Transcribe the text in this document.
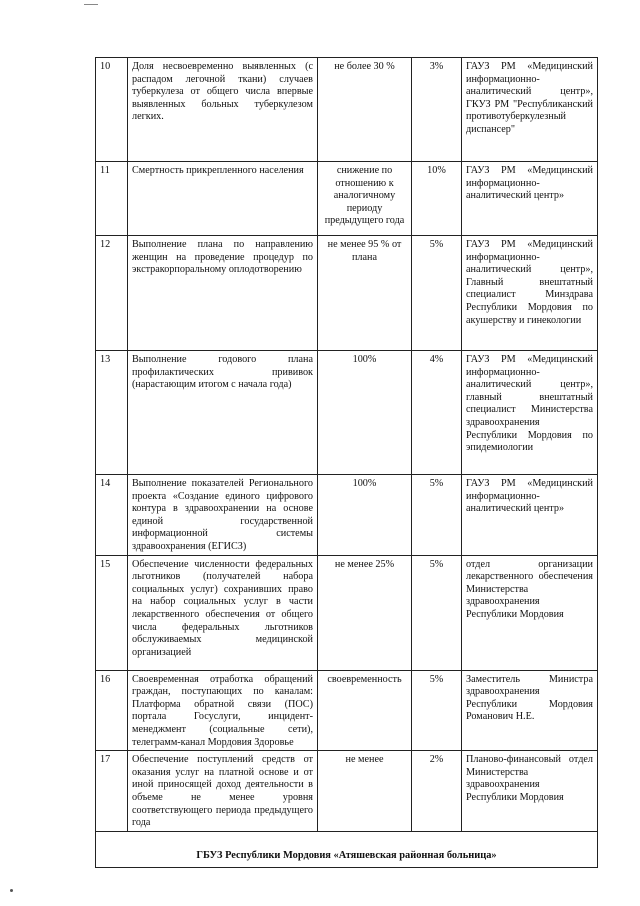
10	Доля несвоевременно выявленных (с распадом легочной ткани) случаев туберкулеза от общего числа впервые выявленных больных туберкулезом легких.	не более 30 %	3%	ГАУЗ РМ «Медицинский информационно-аналитический центр», ГКУЗ РМ "Республиканский противотуберкулезный диспансер"
11	Смертность прикрепленного населения	снижение по отношению к аналогичному периоду предыдущего года	10%	ГАУЗ РМ «Медицинский информационно-аналитический центр»
12	Выполнение плана по направлению женщин на проведение процедур по экстракорпоральному оплодотворению	не менее 95 % от плана	5%	ГАУЗ РМ «Медицинский информационно-аналитический центр», Главный внештатный специалист Минздрава Республики Мордовия по акушерству и гинекологии
13	Выполнение годового плана профилактических прививок (нарастающим итогом с начала года)	100%	4%	ГАУЗ РМ «Медицинский информационно-аналитический центр», главный внештатный специалист Министерства здравоохранения Республики Мордовия по эпидемиологии
14	Выполнение показателей Регионального проекта «Создание единого цифрового контура в здравоохранении на основе единой государственной информационной системы здравоохранения (ЕГИСЗ)	100%	5%	ГАУЗ РМ «Медицинский информационно-аналитический центр»
15	Обеспечение численности федеральных льготников (получателей набора социальных услуг) сохранивших право на набор социальных услуг в части лекарственного обеспечения от общего числа федеральных льготников обслуживаемых медицинской организацией	не менее 25%	5%	отдел организации лекарственного обеспечения Министерства здравоохранения Республики Мордовия
16	Своевременная отработка обращений граждан, поступающих по каналам: Платформа обратной связи (ПОС) портала Госуслуги, инцидент-менеджмент (социальные сети), телеграмм-канал Мордовия Здоровье	своевременность	5%	Заместитель Министра здравоохранения Республики Мордовия Романович Н.Е.
17	Обеспечение поступлений средств от оказания услуг на платной основе и от иной приносящей доход деятельности в объеме не менее уровня соответствующего периода предыдущего года	не менее	2%	Планово-финансовый отдел Министерства здравоохранения Республики Мордовия
ГБУЗ Республики Мордовия «Атяшевская районная больница»				
